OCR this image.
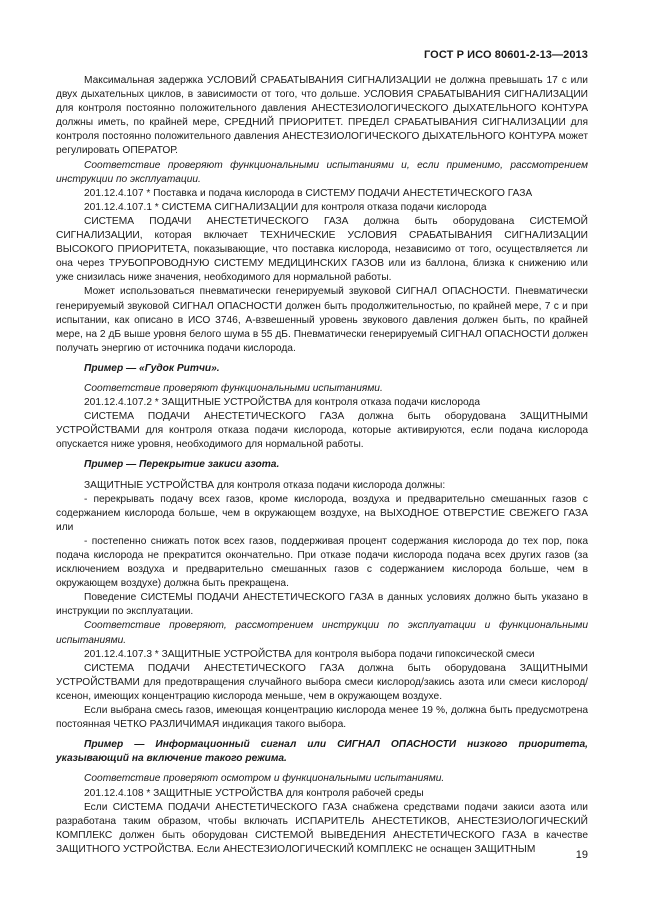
ГОСТ Р ИСО 80601-2-13—2013

Максимальная задержка УСЛОВИЙ СРАБАТЫВАНИЯ СИГНАЛИЗАЦИИ не должна превышать 17 с или двух дыхательных циклов, в зависимости от того, что дольше. УСЛОВИЯ СРАБАТЫВАНИЯ СИГНАЛИЗАЦИИ для контроля постоянно положительного давления АНЕСТЕЗИОЛОГИЧЕСКОГО ДЫХАТЕЛЬНОГО КОНТУРА должны иметь, по крайней мере, СРЕДНИЙ ПРИОРИТЕТ. ПРЕДЕЛ СРАБАТЫВАНИЯ СИГНАЛИЗАЦИИ для контроля постоянно положительного давления АНЕСТЕЗИОЛОГИЧЕСКОГО ДЫХАТЕЛЬНОГО КОНТУРА может регулировать ОПЕРАТОР.

Соответствие проверяют функциональными испытаниями и, если применимо, рассмотрением инструкции по эксплуатации.

201.12.4.107 * Поставка и подача кислорода в СИСТЕМУ ПОДАЧИ АНЕСТЕТИЧЕСКОГО ГАЗА

201.12.4.107.1 * СИСТЕМА СИГНАЛИЗАЦИИ для контроля отказа подачи кислорода

СИСТЕМА ПОДАЧИ АНЕСТЕТИЧЕСКОГО ГАЗА должна быть оборудована СИСТЕМОЙ СИГНАЛИЗАЦИИ, которая включает ТЕХНИЧЕСКИЕ УСЛОВИЯ СРАБАТЫВАНИЯ СИГНАЛИЗАЦИИ ВЫСОКОГО ПРИОРИТЕТА, показывающие, что поставка кислорода, независимо от того, осуществляется ли она через ТРУБОПРОВОДНУЮ СИСТЕМУ МЕДИЦИНСКИХ ГАЗОВ или из баллона, близка к снижению или уже снизилась ниже значения, необходимого для нормальной работы.

Может использоваться пневматически генерируемый звуковой СИГНАЛ ОПАСНОСТИ. Пневматически генерируемый звуковой СИГНАЛ ОПАСНОСТИ должен быть продолжительностью, по крайней мере, 7 с и при испытании, как описано в ИСО 3746, А-взвешенный уровень звукового давления должен быть, по крайней мере, на 2 дБ выше уровня белого шума в 55 дБ. Пневматически генерируемый СИГНАЛ ОПАСНОСТИ должен получать энергию от источника подачи кислорода.

Пример — «Гудок Ритчи».

Соответствие проверяют функциональными испытаниями.

201.12.4.107.2 * ЗАЩИТНЫЕ УСТРОЙСТВА для контроля отказа подачи кислорода

СИСТЕМА ПОДАЧИ АНЕСТЕТИЧЕСКОГО ГАЗА должна быть оборудована ЗАЩИТНЫМИ УСТРОЙСТВАМИ для контроля отказа подачи кислорода, которые активируются, если подача кислорода опускается ниже уровня, необходимого для нормальной работы.

Пример — Перекрытие закиси азота.

ЗАЩИТНЫЕ УСТРОЙСТВА для контроля отказа подачи кислорода должны:

- перекрывать подачу всех газов, кроме кислорода, воздуха и предварительно смешанных газов с содержанием кислорода больше, чем в окружающем воздухе, на ВЫХОДНОЕ ОТВЕРСТИЕ СВЕЖЕГО ГАЗА или

- постепенно снижать поток всех газов, поддерживая процент содержания кислорода до тех пор, пока подача кислорода не прекратится окончательно. При отказе подачи кислорода подача всех других газов (за исключением воздуха и предварительно смешанных газов с содержанием кислорода больше, чем в окружающем воздухе) должна быть прекращена.

Поведение СИСТЕМЫ ПОДАЧИ АНЕСТЕТИЧЕСКОГО ГАЗА в данных условиях должно быть указано в инструкции по эксплуатации.

Соответствие проверяют, рассмотрением инструкции по эксплуатации и функциональными испытаниями.

201.12.4.107.3 * ЗАЩИТНЫЕ УСТРОЙСТВА для контроля выбора подачи гипоксической смеси

СИСТЕМА ПОДАЧИ АНЕСТЕТИЧЕСКОГО ГАЗА должна быть оборудована ЗАЩИТНЫМИ УСТРОЙСТВАМИ для предотвращения случайного выбора смеси кислород/закись азота или смеси кислород/ксенон, имеющих концентрацию кислорода меньше, чем в окружающем воздухе.

Если выбрана смесь газов, имеющая концентрацию кислорода менее 19 %, должна быть предусмотрена постоянная ЧЕТКО РАЗЛИЧИМАЯ индикация такого выбора.

Пример — Информационный сигнал или СИГНАЛ ОПАСНОСТИ низкого приоритета, указывающий на включение такого режима.

Соответствие проверяют осмотром и функциональными испытаниями.

201.12.4.108 * ЗАЩИТНЫЕ УСТРОЙСТВА для контроля рабочей среды

Если СИСТЕМА ПОДАЧИ АНЕСТЕТИЧЕСКОГО ГАЗА снабжена средствами подачи закиси азота или разработана таким образом, чтобы включать ИСПАРИТЕЛЬ АНЕСТЕТИКОВ, АНЕСТЕЗИОЛОГИЧЕСКИЙ КОМПЛЕКС должен быть оборудован СИСТЕМОЙ ВЫВЕДЕНИЯ АНЕСТЕТИЧЕСКОГО ГАЗА в качестве ЗАЩИТНОГО УСТРОЙСТВА. Если АНЕСТЕЗИОЛОГИЧЕСКИЙ КОМПЛЕКС не оснащен ЗАЩИТНЫМ	19
